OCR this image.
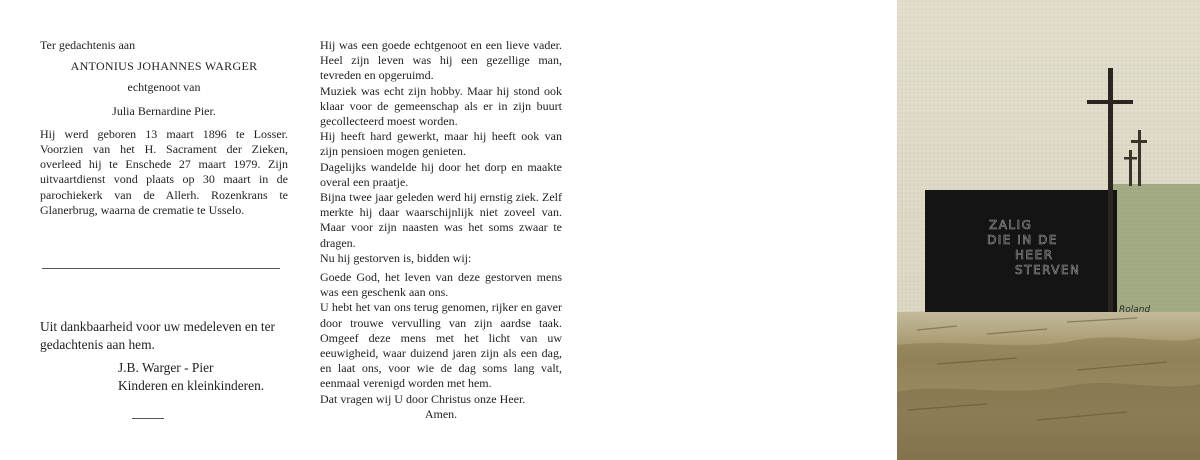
Ter gedachtenis aan
ANTONIUS JOHANNES WARGER
echtgenoot van
Julia Bernardine Pier.
Hij werd geboren 13 maart 1896 te Losser. Voorzien van het H. Sacrament der Zieken, overleed hij te Enschede 27 maart 1979. Zijn uitvaartdienst vond plaats op 30 maart in de parochiekerk van de Allerh. Rozenkrans te Glanerbrug, waarna de crematie te Usselo.
Uit dankbaarheid voor uw medeleven en ter gedachtenis aan hem.
J.B. Warger - Pier
Kinderen en kleinkinderen.

Hij was een goede echtgenoot en een lieve vader. Heel zijn leven was hij een gezellige man, tevreden en opgeruimd.

Muziek was echt zijn hobby. Maar hij stond ook klaar voor de gemeenschap als er in zijn buurt gecollecteerd moest worden.

Hij heeft hard gewerkt, maar hij heeft ook van zijn pensioen mogen genieten.

Dagelijks wandelde hij door het dorp en maakte overal een praatje.

Bijna twee jaar geleden werd hij ernstig ziek. Zelf merkte hij daar waarschijnlijk niet zoveel van. Maar voor zijn naasten was het soms zwaar te dragen.

Nu hij gestorven is, bidden wij:

Goede God, het leven van deze gestorven mens was een geschenk aan ons.

U hebt het van ons terug genomen, rijker en gaver door trouwe vervulling van zijn aardse taak. Omgeef deze mens met het licht van uw eeuwigheid, waar duizend jaren zijn als een dag, en laat ons, voor wie de dag soms lang valt, eenmaal verenigd worden met hem.

Dat vragen wij U door Christus onze Heer.

Amen.

ZALIG
DIE IN DE
HEER
STERVEN
Roland
